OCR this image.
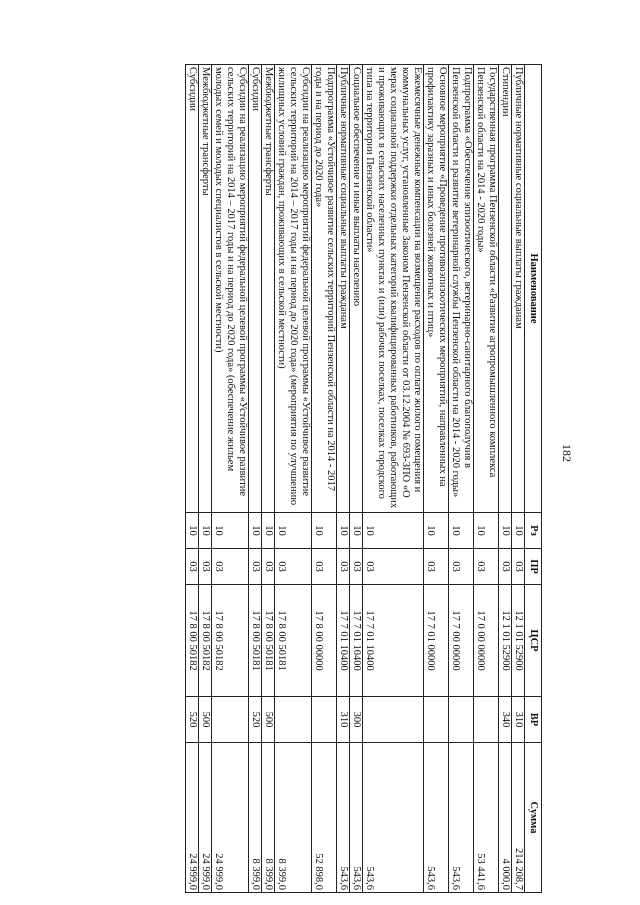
182
Наименование	Рз	ПР	ЦСР	ВР	Сумма
Публичные нормативные социальные выплаты гражданам	10	03	12 1 01 52900	310	214 208,7
Стипендии	10	03	12 1 01 52900	340	4 000,0
Государственная программа Пензенской области «Развитие агропромышленного комплекса Пензенской области на 2014 - 2020 годы»	10	03	17 0 00 00000		53 441,6
Подпрограмма «Обеспечение эпизоотического, ветеринарно-санитарного благополучия в Пензенской области и развитие ветеринарной службы Пензенской области на 2014 - 2020 годы»	10	03	17 7 00 00000		543,6
Основное мероприятие «Проведение противоэпизоотических мероприятий, направленных на профилактику заразных и иных болезней животных и птиц»	10	03	17 7 01 00000		543,6
Ежемесячные денежные компенсации на возмещение расходов по оплате жилого помещения и коммунальных услуг, установленные Законом Пензенской области от 03.12.2004 № 693-ЗПО «О мерах социальной поддержки отдельных категорий квалифицированных работников, работающих и проживающих в сельских населенных пунктах и (или) рабочих поселках, поселках городского типа на территории Пензенской области»	10	03	17 7 01 10400		543,6
Социальное обеспечение и иные выплаты населению	10	03	17 7 01 10400	300	543,6
Публичные нормативные социальные выплаты гражданам	10	03	17 7 01 10400	310	543,6
Подпрограмма «Устойчивое развитие сельских территорий Пензенской области на 2014 - 2017 годы и на период до 2020 года»	10	03	17 8 00 00000		52 898,0
Субсидии на реализацию мероприятий федеральной целевой программы «Устойчивое развитие сельских территорий на 2014 – 2017 годы и на период до 2020 года» (мероприятия по улучшению жилищных условий граждан, проживающих в сельской местности)	10	03	17 8 00 50181		8 399,0
Межбюджетные трансферты	10	03	17 8 00 50181	500	8 399,0
Субсидии	10	03	17 8 00 50181	520	8 399,0
Субсидии на реализацию мероприятий федеральной целевой программы «Устойчивое развитие сельских территорий на 2014 – 2017 годы и на период до 2020 года» (обеспечение жильем молодых семей и молодых специалистов в сельской местности)	10	03	17 8 00 50182		24 999,0
Межбюджетные трансферты	10	03	17 8 00 50182	500	24 999,0
Субсидии	10	03	17 8 00 50182	520	24 999,0
